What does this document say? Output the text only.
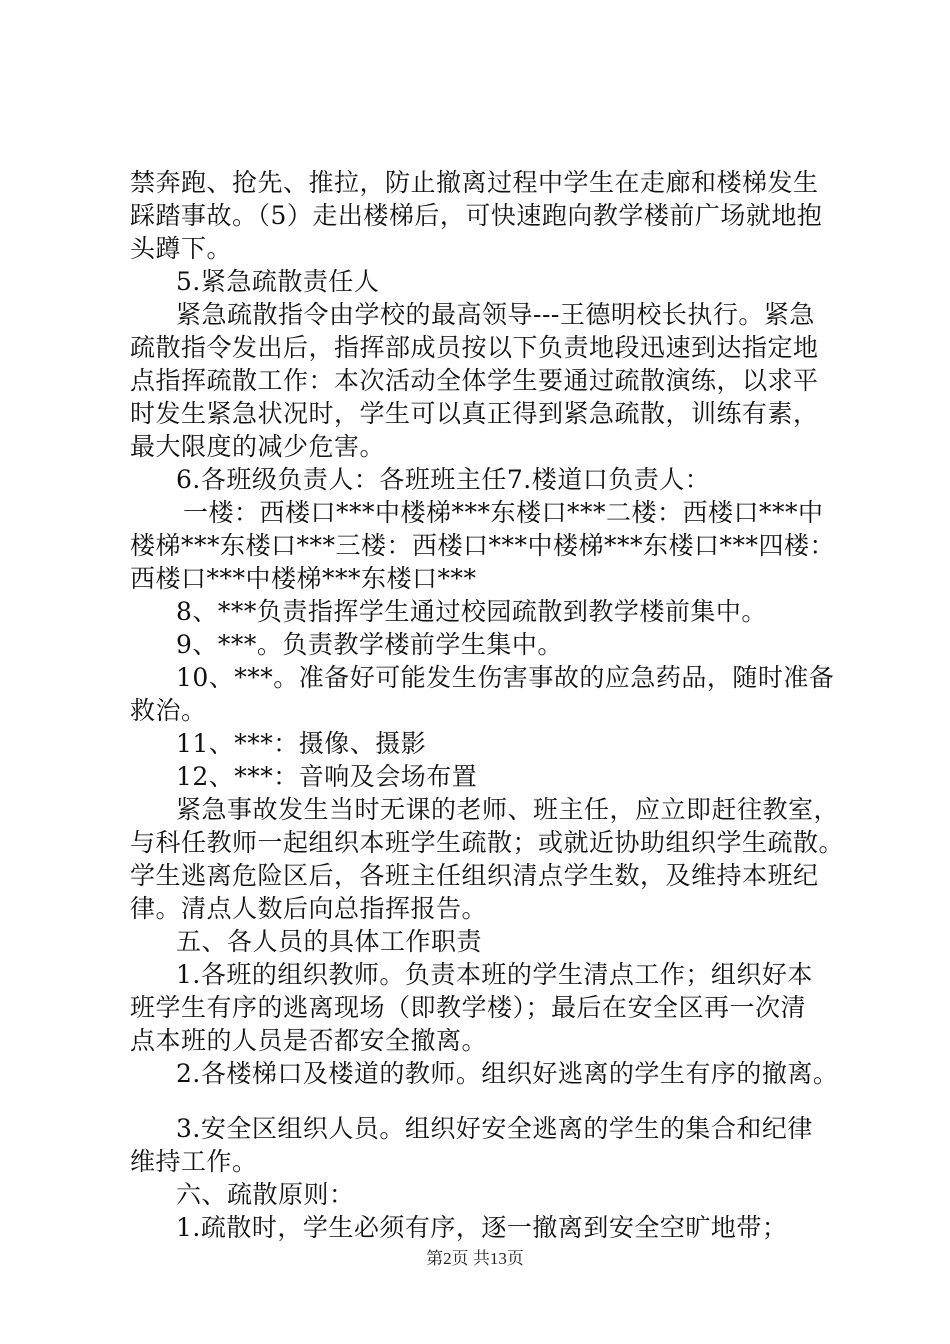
禁奔跑、抢先、推拉，防止撤离过程中学生在走廊和楼梯发生
踩踏事故。（5）走出楼梯后，可快速跑向教学楼前广场就地抱
头蹲下。
5.紧急疏散责任人
紧急疏散指令由学校的最高领导---王德明校长执行。紧急
疏散指令发出后，指挥部成员按以下负责地段迅速到达指定地
点指挥疏散工作：本次活动全体学生要通过疏散演练，以求平
时发生紧急状况时，学生可以真正得到紧急疏散，训练有素，
最大限度的减少危害。
6.各班级负责人：各班班主任7.楼道口负责人：
一楼：西楼口***中楼梯***东楼口***二楼：西楼口***中
楼梯***东楼口***三楼：西楼口***中楼梯***东楼口***四楼：
西楼口***中楼梯***东楼口***
8、***负责指挥学生通过校园疏散到教学楼前集中。
9、***。负责教学楼前学生集中。
10、***。准备好可能发生伤害事故的应急药品，随时准备
救治。
11、***：摄像、摄影
12、***：音响及会场布置
紧急事故发生当时无课的老师、班主任，应立即赶往教室，
与科任教师一起组织本班学生疏散；或就近协助组织学生疏散。
学生逃离危险区后，各班主任组织清点学生数，及维持本班纪
律。清点人数后向总指挥报告。
五、各人员的具体工作职责
1.各班的组织教师。负责本班的学生清点工作；组织好本
班学生有序的逃离现场（即教学楼）；最后在安全区再一次清
点本班的人员是否都安全撤离。
2.各楼梯口及楼道的教师。组织好逃离的学生有序的撤离。
3.安全区组织人员。组织好安全逃离的学生的集合和纪律
维持工作。
六、疏散原则：
1.疏散时，学生必须有序，逐一撤离到安全空旷地带；
第2页 共13页
